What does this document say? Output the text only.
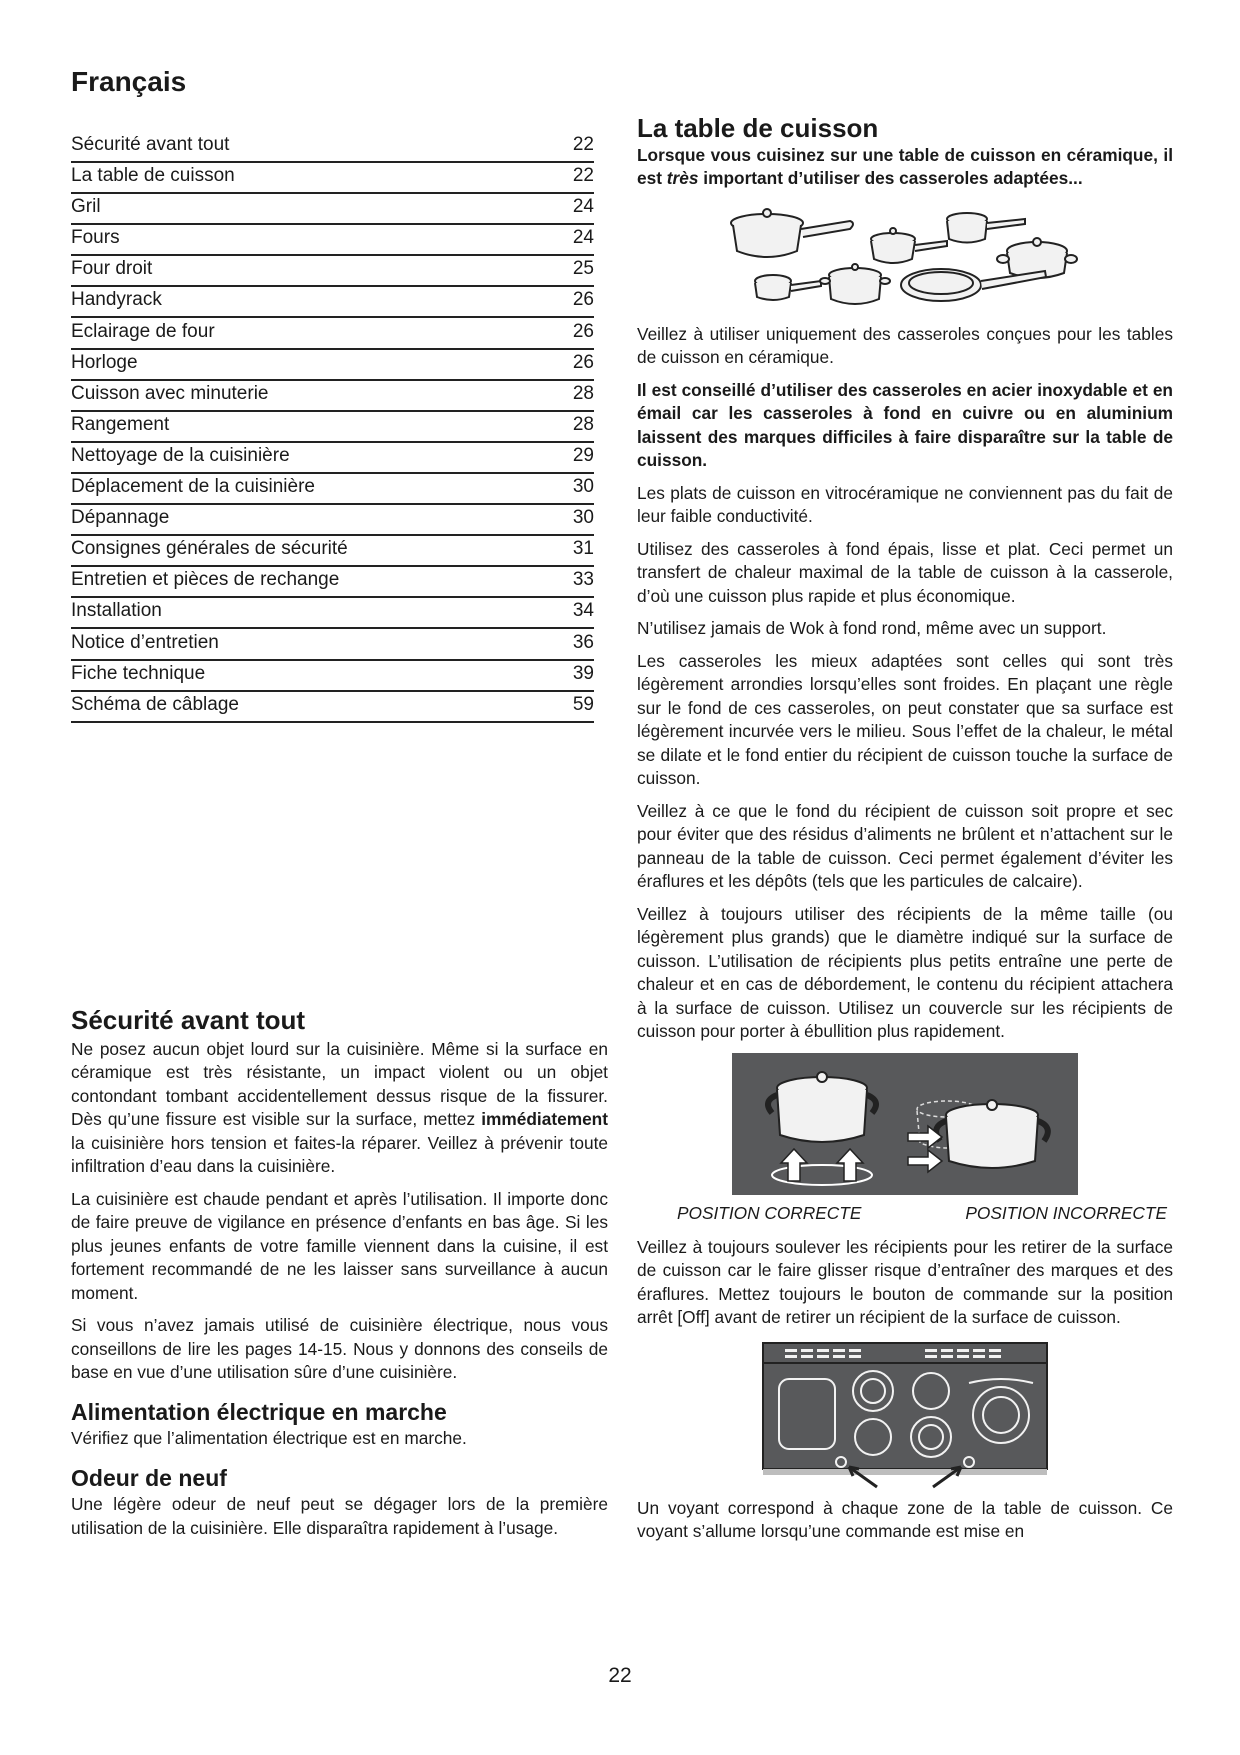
Français
Sécurité avant tout	22
La table de cuisson	22
Gril	24
Fours	24
Four droit	25
Handyrack	26
Eclairage de four	26
Horloge	26
Cuisson avec minuterie	28
Rangement	28
Nettoyage de la cuisinière	29
Déplacement de la cuisinière	30
Dépannage	30
Consignes générales de sécurité	31
Entretien et pièces de rechange	33
Installation	34
Notice d’entretien	36
Fiche technique	39
Schéma de câblage	59
Sécurité avant tout

Ne posez aucun objet lourd sur la cuisinière. Même si la surface en céramique est très résistante, un impact violent ou un objet contondant tombant accidentellement dessus risque de la fissurer. Dès qu’une fissure est visible sur la surface, mettez immédiatement la cuisinière hors tension et faites-la réparer. Veillez à prévenir toute infiltration d’eau dans la cuisinière.

La cuisinière est chaude pendant et après l’utilisation. Il importe donc de faire preuve de vigilance en présence d’enfants en bas âge. Si les plus jeunes enfants de votre famille viennent dans la cuisine, il est fortement recommandé de ne les laisser sans surveillance à aucun moment.

Si vous n’avez jamais utilisé de cuisinière électrique, nous vous conseillons de lire les pages 14-15. Nous y donnons des conseils de base en vue d’une utilisation sûre d’une cuisinière.

Alimentation électrique en marche

Vérifiez que l’alimentation électrique est en marche.

Odeur de neuf

Une légère odeur de neuf peut se dégager lors de la première utilisation de la cuisinière. Elle disparaîtra rapidement à l’usage.

La table de cuisson

Lorsque vous cuisinez sur une table de cuisson en céramique, il est très important d’utiliser des casseroles adaptées...

Veillez à utiliser uniquement des casseroles conçues pour les tables de cuisson en céramique.

Il est conseillé d’utiliser des casseroles en acier inoxydable et en émail car les casseroles à fond en cuivre ou en aluminium laissent des marques difficiles à faire disparaître sur la table de cuisson.

Les plats de cuisson en vitrocéramique ne conviennent pas du fait de leur faible conductivité.

Utilisez des casseroles à fond épais, lisse et plat. Ceci permet un transfert de chaleur maximal de la table de cuisson à la casserole, d’où une cuisson plus rapide et plus économique.

N’utilisez jamais de Wok à fond rond, même avec un support.

Les casseroles les mieux adaptées sont celles qui sont très légèrement arrondies lorsqu’elles sont froides. En plaçant une règle sur le fond de ces casseroles, on peut constater que sa surface est légèrement incurvée vers le milieu. Sous l’effet de la chaleur, le métal se dilate et le fond entier du récipient de cuisson touche la surface de cuisson.

Veillez à ce que le fond du récipient de cuisson soit propre et sec pour éviter que des résidus d’aliments ne brûlent et n’attachent sur le panneau de la table de cuisson. Ceci permet également d’éviter les éraflures et les dépôts (tels que les particules de calcaire).

Veillez à toujours utiliser des récipients de la même taille (ou légèrement plus grands) que le diamètre indiqué sur la surface de cuisson. L’utilisation de récipients plus petits entraîne une perte de chaleur et en cas de débordement, le contenu du récipient attachera à la surface de cuisson. Utilisez un couvercle sur les récipients de cuisson pour porter à ébullition plus rapidement.

POSITION CORRECTE	POSITION INCORRECTE

Veillez à toujours soulever les récipients pour les retirer de la surface de cuisson car le faire glisser risque d’entraîner des marques et des éraflures. Mettez toujours le bouton de commande sur la position arrêt [Off] avant de retirer un récipient de la surface de cuisson.

Un voyant correspond à chaque zone de la table de cuisson. Ce voyant s’allume lorsqu’une commande est mise en

22
